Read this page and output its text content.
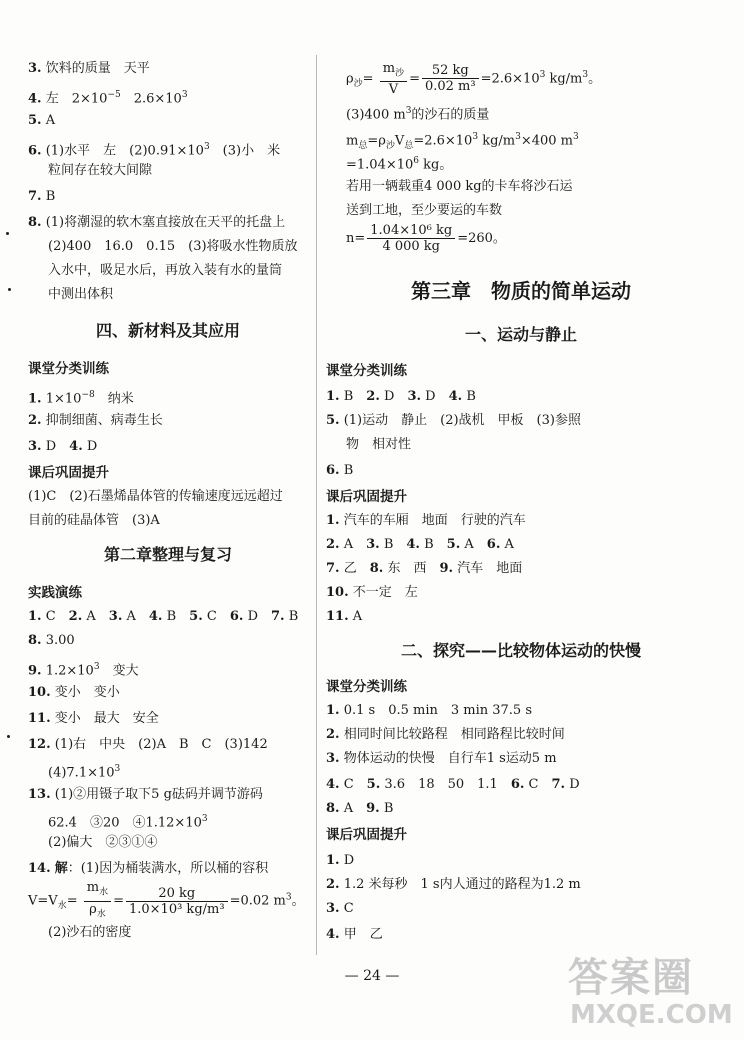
3. 饮料的质量　天平
4. 左　$2\times 10^{-5}$　$2.6\times 10^3$
5. A
6. (1)水平　左　$(2)0.91\times 10^3$　(3)小　米
粒间存在较大间隙
7. B
8. (1)将潮湿的软木塞直接放在天平的托盘上
(2)400　16.0　0.15　(3)将吸水性物质放
入水中，吸足水后，再放入装有水的量筒
中测出体积
四、新材料及其应用
课堂分类训练
1. $1\times 10^{-8}$　纳米
2. 抑制细菌、病毒生长
3. D　4. D
课后巩固提升
(1)C　(2)石墨烯晶体管的传输速度远远超过
目前的硅晶体管　(3)A
第二章整理与复习
实践演练
1. C　2. A　3. A　4. B　5. C　6. D　7. B
8. 3.00
9. $1.2\times 10^3$　变大
10. 变小　变小
11. 变小　最大　安全
12. (1)右　中央　(2)A　B　C　(3)142
$(4)7.1\times 10^3$
13. (1)②用镊子取下5 g砝码并调节游码
62.4　③20　$④1.12\times 10^3$
(2)偏大　②③①④
14. 解：(1)因为桶装满水，所以桶的容积
$V=V_水= \frac{m_水}{\rho_水} = \frac{20 kg}{\text{1.0×10³ kg/m³}} =0.02$ $m^3$。
(2)沙石的密度
$\rho_沙= \frac{m_沙}{V} = \frac{52 kg}{\text{0.02 m³}} =2.6\times 10^3$ $kg/m^3$。
(3)400 $m^3$的沙石的质量
$m_总=\rho_沙V_总=2.6\times 10^3$ $kg/m^3\times 400$ $m^3$
$=1.04\times 10^6$ kg。
若用一辆载重4 000 kg的卡车将沙石运
送到工地，至少要运的车数
$n= \frac{\text{1.04×10⁶ kg}}{4 000 kg} =260$。
第三章　物质的简单运动
一、运动与静止
课堂分类训练
1. B　2. D　3. D　4. B
5. (1)运动　静止　(2)战机　甲板　(3)参照
物　相对性
6. B
课后巩固提升
1. 汽车的车厢　地面　行驶的汽车
2. A　3. B　4. B　5. A　6. A
7. 乙　8. 东　西　9. 汽车　地面
10. 不一定　左
11. A
二、探究——比较物体运动的快慢
课堂分类训练
1. 0.1 s　0.5 min　3 min 37.5 s
2. 相同时间比较路程　相同路程比较时间
3. 物体运动的快慢　自行车1 s运动5 m
4. C　5. 3.6　18　50　1.1　6. C　7. D
8. A　9. B
课后巩固提升
1. D
2. 1.2 米每秒　1 s内人通过的路程为1.2 m
3. C
4. 甲　乙
— 24 —	答案圈
MXQE.COM
